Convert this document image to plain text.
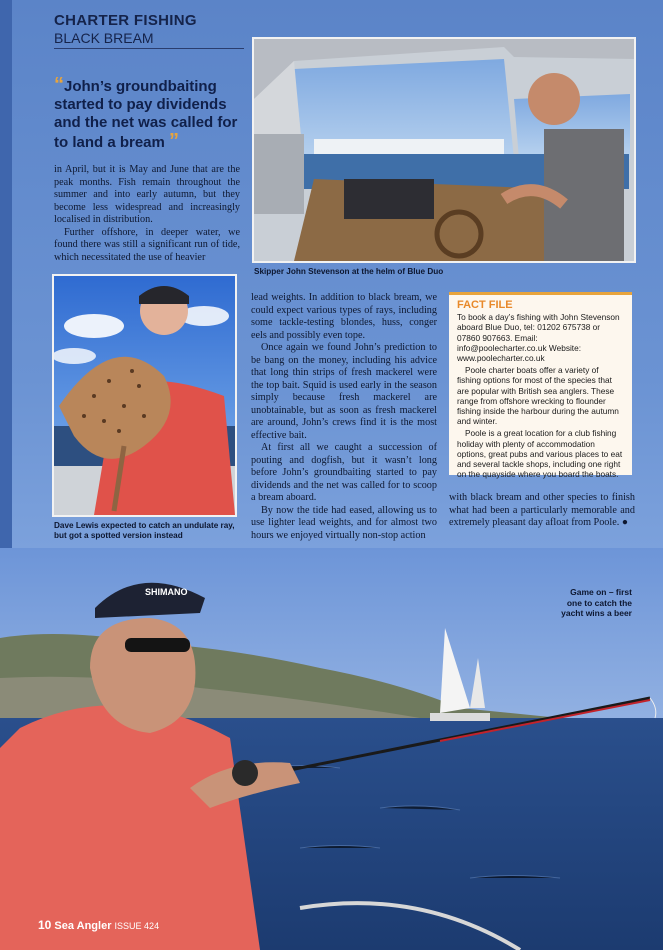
CHARTER FISHING
BLACK BREAM
“John’s groundbaiting started to pay dividends and the net was called for to land a bream ”

in April, but it is May and June that are the peak months. Fish remain throughout the summer and into early autumn, but they become less widespread and increasingly localised in distribution.

Further offshore, in deeper water, we found there was still a significant run of tide, which necessitated the use of heavier

Skipper John Stevenson at the helm of Blue Duo
Dave Lewis expected to catch an undulate ray, but got a spotted version instead

lead weights. In addition to black bream, we could expect various types of rays, including some tackle-testing blondes, huss, conger eels and possibly even tope.

Once again we found John’s prediction to be bang on the money, including his advice that long thin strips of fresh mackerel were the top bait. Squid is used early in the season simply because fresh mackerel are unobtainable, but as soon as fresh mackerel are around, John’s crews find it is the most effective bait.

At first all we caught a succession of pouting and dogfish, but it wasn’t long before John’s groundbaiting started to pay dividends and the net was called for to scoop a bream aboard.

By now the tide had eased, allowing us to use lighter lead weights, and for almost two hours we enjoyed virtually non-stop action

FACT FILE

To book a day’s fishing with John Stevenson aboard Blue Duo, tel: 01202 675738 or 07860 907663. Email: info@poolecharter.co.uk Website: www.poolecharter.co.uk

Poole charter boats offer a variety of fishing options for most of the species that are popular with British sea anglers. These range from offshore wrecking to flounder fishing inside the harbour during the autumn and winter.

Poole is a great location for a club fishing holiday with plenty of accommodation options, great pubs and various places to eat and several tackle shops, including one right on the quayside where you board the boats.

with black bream and other species to finish what had been a particularly memorable and extremely pleasant day afloat from Poole. ●

SHIMANO	Game on – first one to catch the yacht wins a beer
10 Sea Angler ISSUE 424
